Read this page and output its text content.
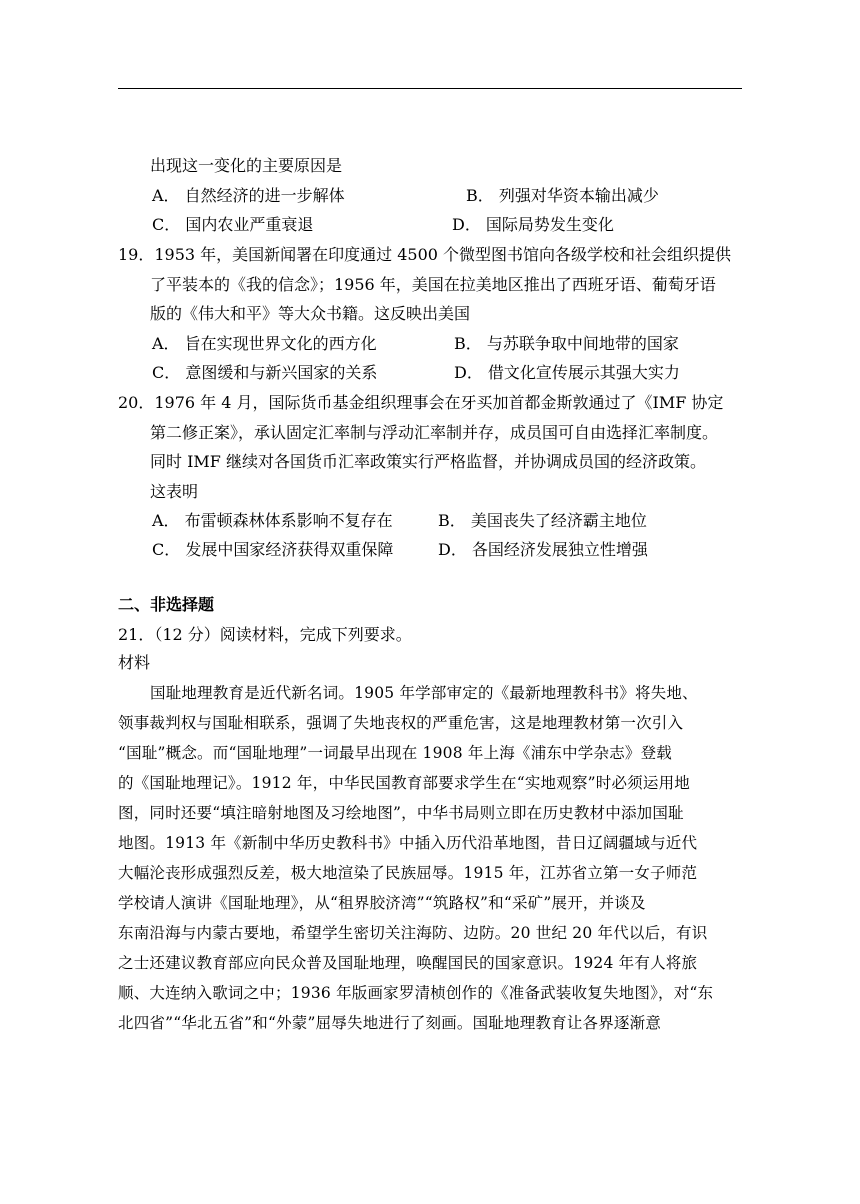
出现这一变化的主要原因是
A． 自然经济的进一步解体	B． 列强对华资本输出减少
C． 国内农业严重衰退	D． 国际局势发生变化
19．1953 年，美国新闻署在印度通过 4500 个微型图书馆向各级学校和社会组织提供
了平装本的《我的信念》；1956 年，美国在拉美地区推出了西班牙语、葡萄牙语
版的《伟大和平》等大众书籍。这反映出美国
A． 旨在实现世界文化的西方化	B． 与苏联争取中间地带的国家
C． 意图缓和与新兴国家的关系	D． 借文化宣传展示其强大实力
20．1976 年 4 月，国际货币基金组织理事会在牙买加首都金斯敦通过了《IMF 协定
第二修正案》，承认固定汇率制与浮动汇率制并存，成员国可自由选择汇率制度。
同时 IMF 继续对各国货币汇率政策实行严格监督，并协调成员国的经济政策。
这表明
A． 布雷顿森林体系影响不复存在	B． 美国丧失了经济霸主地位
C． 发展中国家经济获得双重保障	D． 各国经济发展独立性增强
二、非选择题
21．（12 分）阅读材料，完成下列要求。
材料
国耻地理教育是近代新名词。1905 年学部审定的《最新地理教科书》将失地、
领事裁判权与国耻相联系，强调了失地丧权的严重危害，这是地理教材第一次引入
“国耻”概念。而“国耻地理”一词最早出现在 1908 年上海《浦东中学杂志》登载
的《国耻地理记》。1912 年，中华民国教育部要求学生在“实地观察”时必须运用地
图，同时还要“填注暗射地图及习绘地图”，中华书局则立即在历史教材中添加国耻
地图。1913 年《新制中华历史教科书》中插入历代沿革地图，昔日辽阔疆域与近代
大幅沦丧形成强烈反差，极大地渲染了民族屈辱。1915 年，江苏省立第一女子师范
学校请人演讲《国耻地理》，从“租界胶济湾”“筑路权”和“采矿”展开，并谈及
东南沿海与内蒙古要地，希望学生密切关注海防、边防。20 世纪 20 年代以后，有识
之士还建议教育部应向民众普及国耻地理，唤醒国民的国家意识。1924 年有人将旅
顺、大连纳入歌词之中；1936 年版画家罗清桢创作的《准备武装收复失地图》，对“东
北四省”“华北五省”和“外蒙”屈辱失地进行了刻画。国耻地理教育让各界逐渐意
